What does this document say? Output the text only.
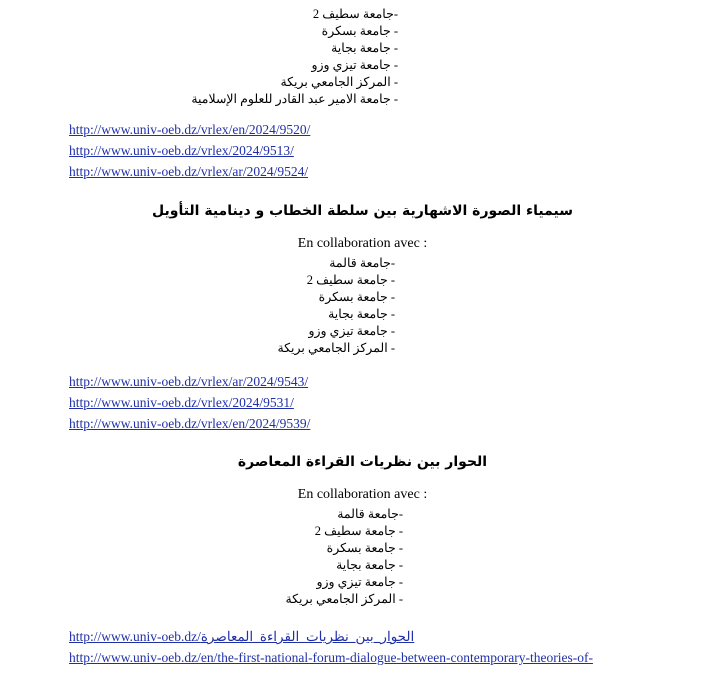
-جامعة سطيف 2
- جامعة بسكرة
- جامعة بجاية
- جامعة تيزي وزو
- المركز الجامعي بريكة
- جامعة الامير عبد القادر للعلوم الإسلامية
http://www.univ-oeb.dz/vrlex/en/2024/9520/
http://www.univ-oeb.dz/vrlex/2024/9513/
http://www.univ-oeb.dz/vrlex/ar/2024/9524/
سيمياء الصورة الاشهارية بين سلطة الخطاب و دينامية التأويل

En collaboration avec :

-جامعة قالمة
- جامعة سطيف 2
- جامعة بسكرة
- جامعة بجاية
- جامعة تيزي وزو
- المركز الجامعي بريكة
http://www.univ-oeb.dz/vrlex/ar/2024/9543/
http://www.univ-oeb.dz/vrlex/2024/9531/
http://www.univ-oeb.dz/vrlex/en/2024/9539/
الحوار بين نظريات القراءة المعاصرة

En collaboration avec :

-جامعة قالمة
- جامعة سطيف 2
- جامعة بسكرة
- جامعة بجاية
- جامعة تيزي وزو
- المركز الجامعي بريكة
http://www.univ-oeb.dz/الحوار_بين_نظريات_القراءة_المعاصرة
http://www.univ-oeb.dz/en/the-first-national-forum-dialogue-between-contemporary-theories-of-
